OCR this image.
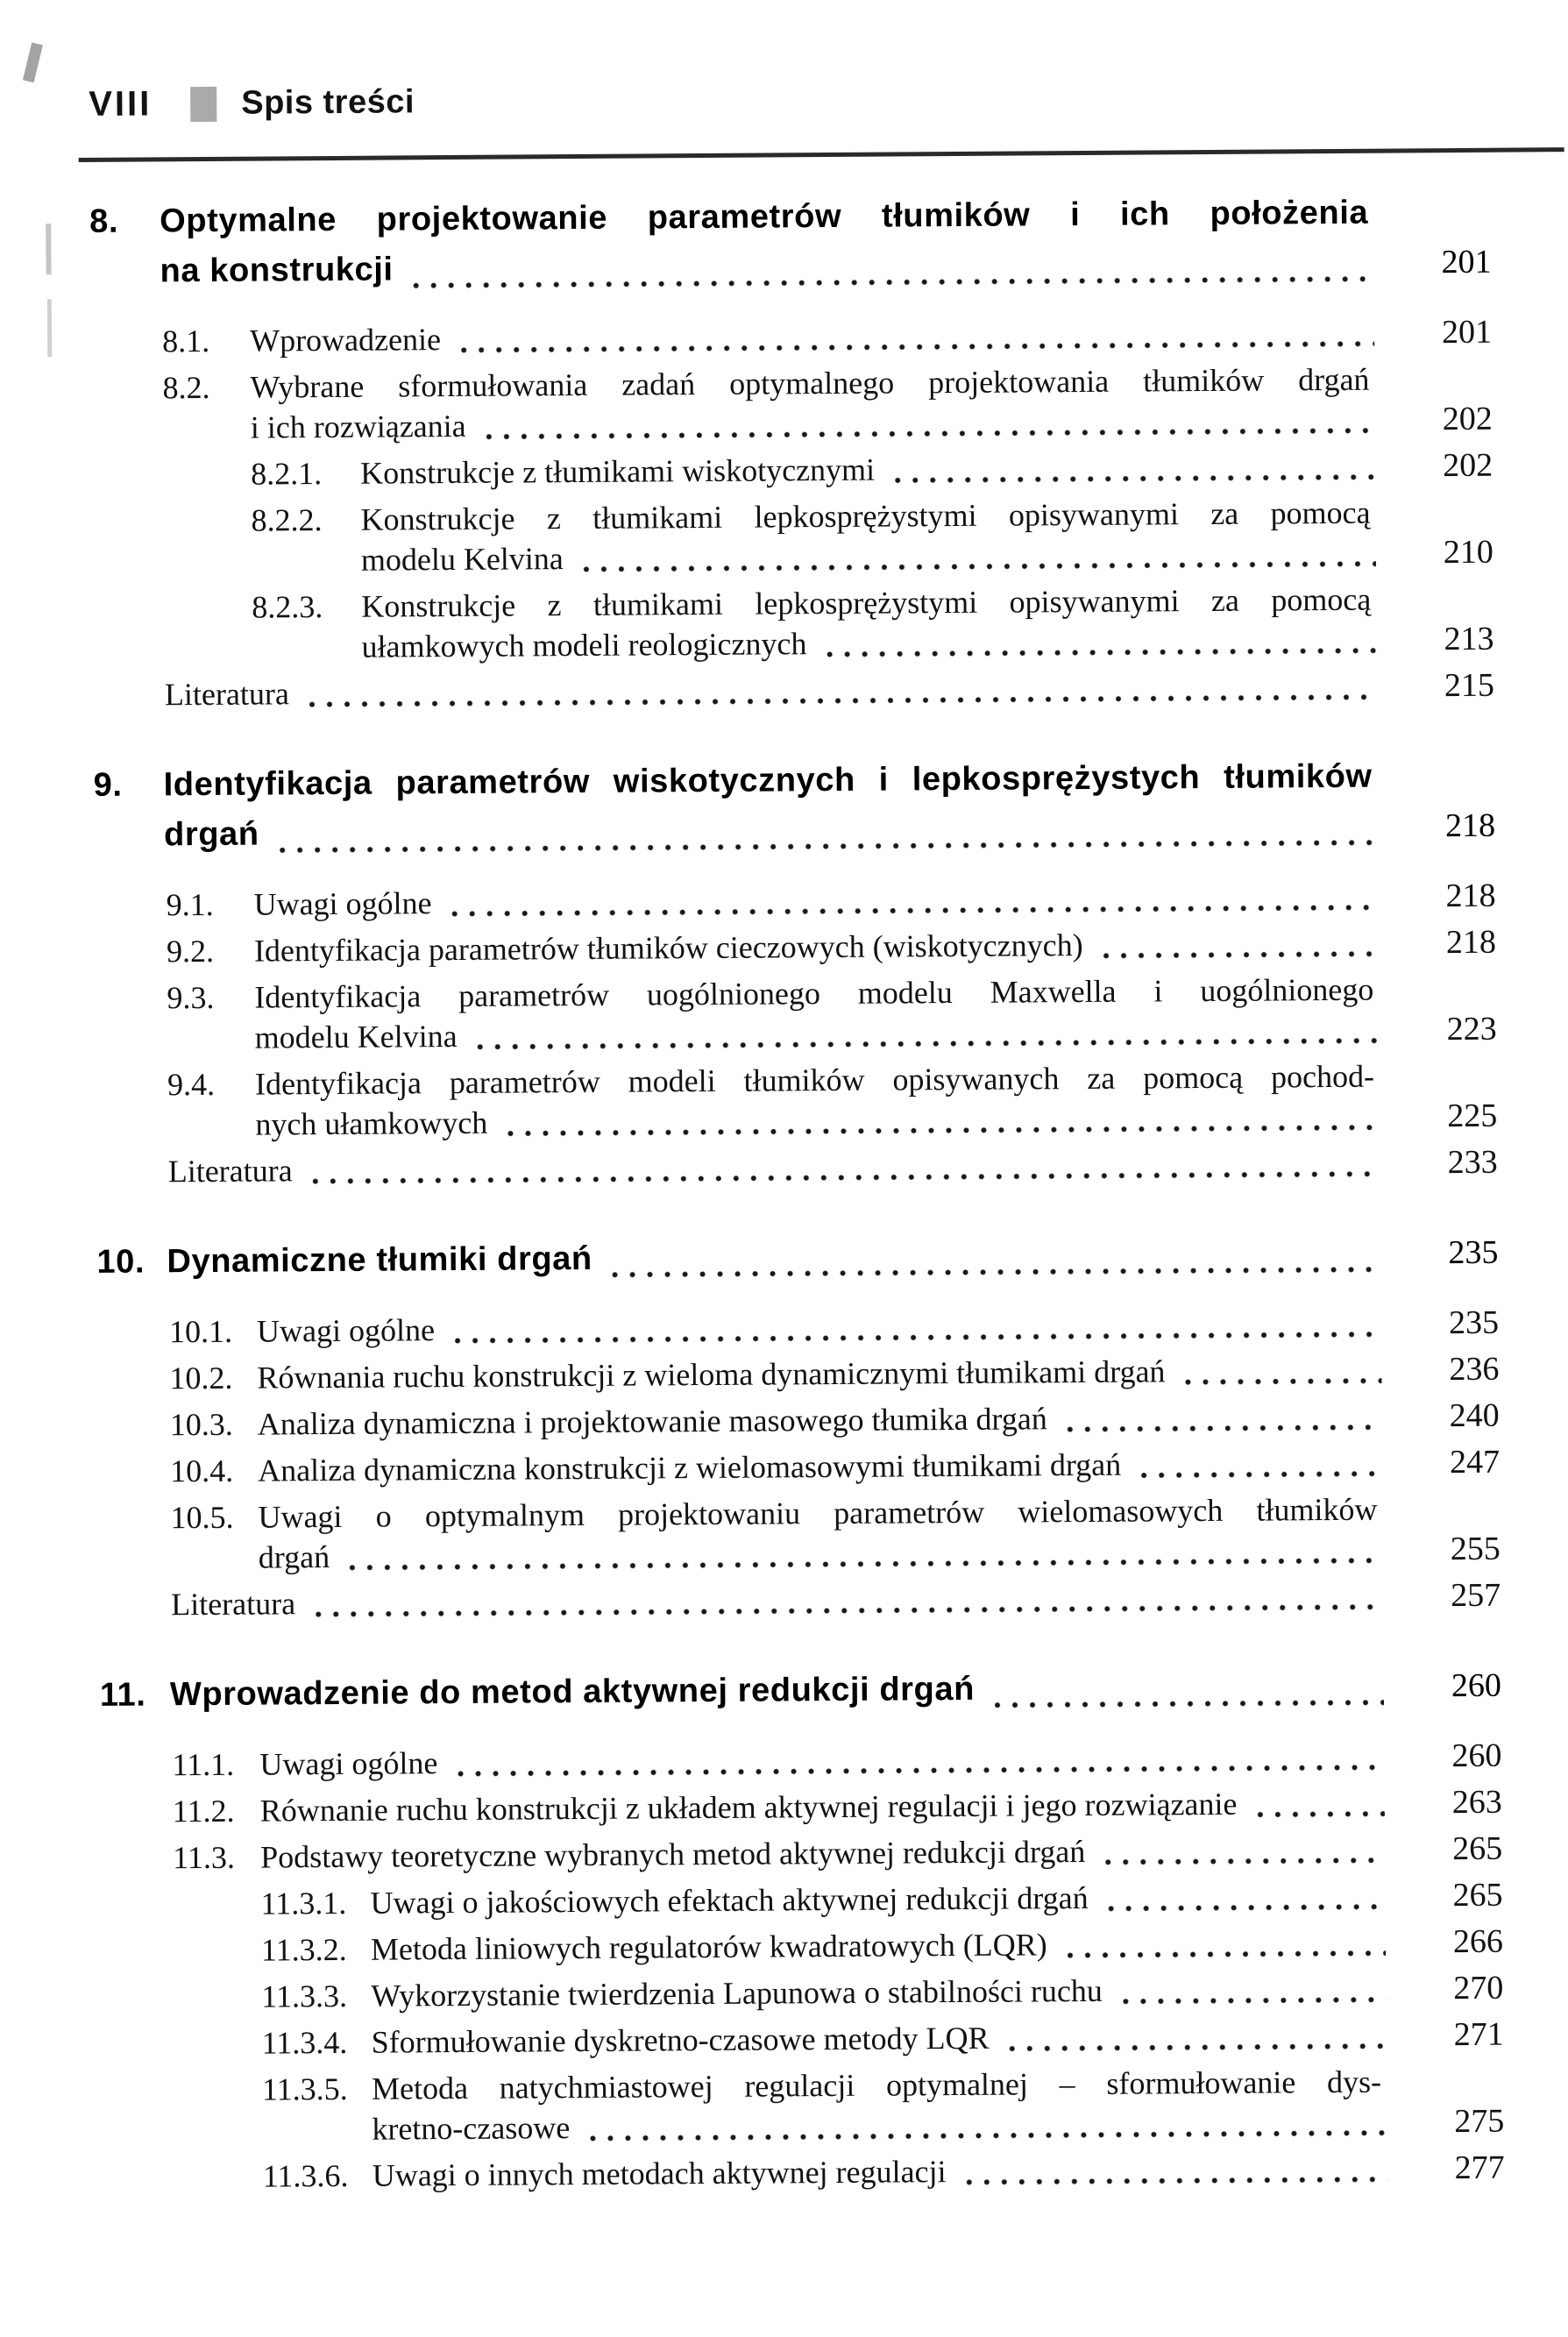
VIII	Spis treści
8.	Optymalne projektowanie parametrów tłumików i ich położenia
na konstrukcji	201
8.1.	Wprowadzenie	201
8.2.	Wybrane sformułowania zadań optymalnego projektowania tłumików drgań
i ich rozwiązania	202
8.2.1.	Konstrukcje z tłumikami wiskotycznymi	202
8.2.2.	Konstrukcje z tłumikami lepkosprężystymi opisywanymi za pomocą
modelu Kelvina	210
8.2.3.	Konstrukcje z tłumikami lepkosprężystymi opisywanymi za pomocą
ułamkowych modeli reologicznych	213
Literatura	215
9.	Identyfikacja parametrów wiskotycznych i lepkosprężystych tłumików
drgań	218
9.1.	Uwagi ogólne	218
9.2.	Identyfikacja parametrów tłumików cieczowych (wiskotycznych)	218
9.3.	Identyfikacja parametrów uogólnionego modelu Maxwella i uogólnionego
modelu Kelvina	223
9.4.	Identyfikacja parametrów modeli tłumików opisywanych za pomocą pochod-
nych ułamkowych	225
Literatura	233
10. Dynamiczne tłumiki drgań	235
10.1. Uwagi ogólne	235
10.2. Równania ruchu konstrukcji z wieloma dynamicznymi tłumikami drgań	236
10.3. Analiza dynamiczna i projektowanie masowego tłumika drgań	240
10.4. Analiza dynamiczna konstrukcji z wielomasowymi tłumikami drgań	247
10.5. Uwagi o optymalnym projektowaniu parametrów wielomasowych tłumików
drgań	255
Literatura	257
11. Wprowadzenie do metod aktywnej redukcji drgań	260
11.1. Uwagi ogólne	260
11.2. Równanie ruchu konstrukcji z układem aktywnej regulacji i jego rozwiązanie	263
11.3. Podstawy teoretyczne wybranych metod aktywnej redukcji drgań	265
11.3.1. Uwagi o jakościowych efektach aktywnej redukcji drgań	265
11.3.2. Metoda liniowych regulatorów kwadratowych (LQR)	266
11.3.3. Wykorzystanie twierdzenia Lapunowa o stabilności ruchu	270
11.3.4. Sformułowanie dyskretno-czasowe metody LQR	271
11.3.5. Metoda natychmiastowej regulacji optymalnej – sformułowanie dys-
kretno-czasowe	275
11.3.6. Uwagi o innych metodach aktywnej regulacji	277
